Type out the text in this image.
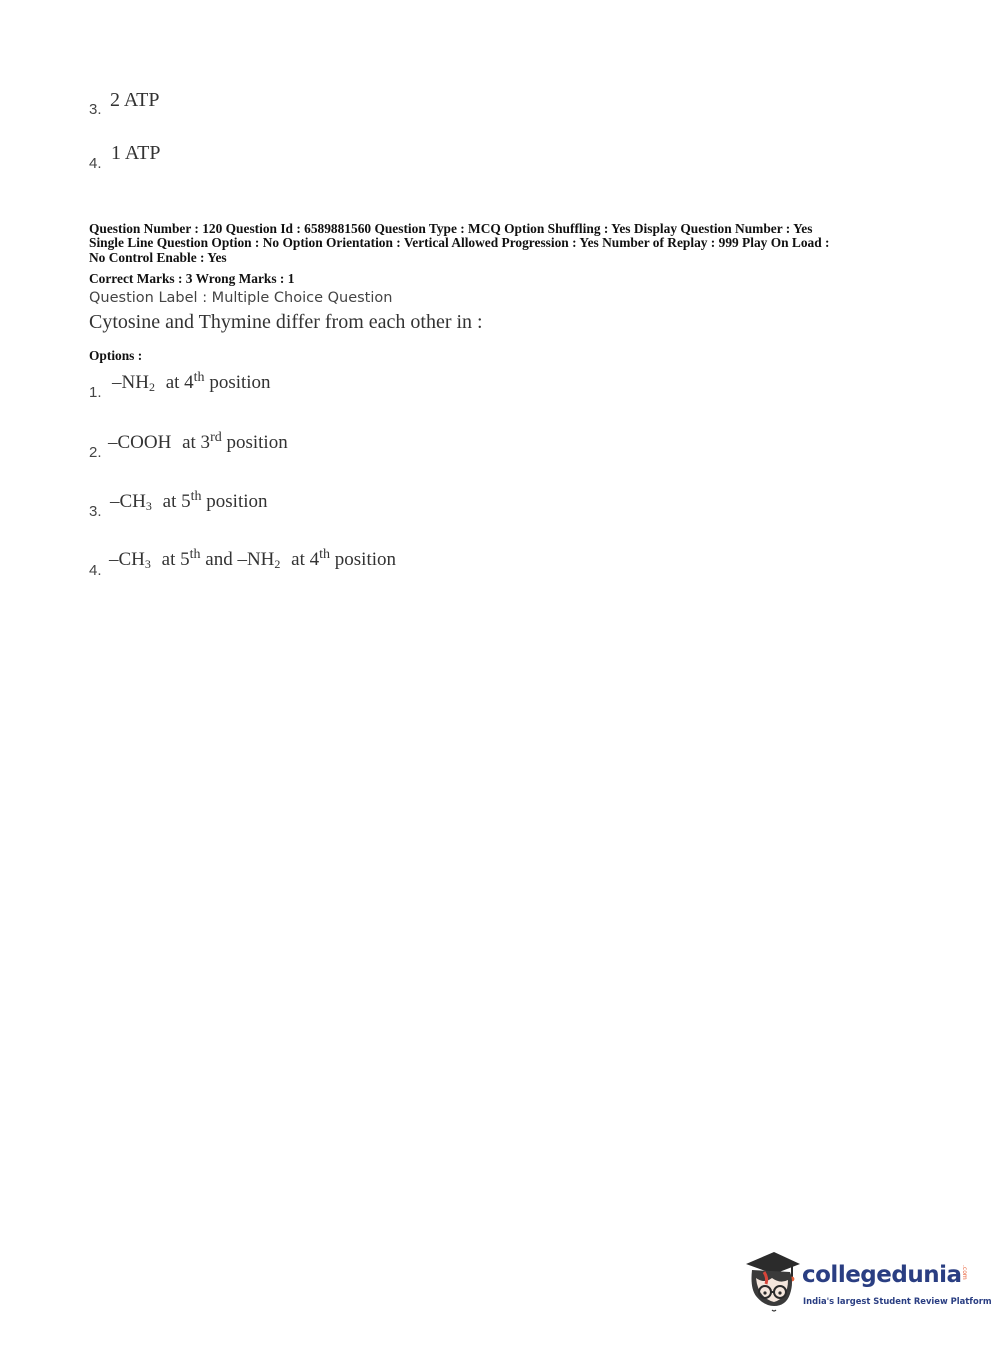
3. 2 ATP
4. 1 ATP
Question Number : 120 Question Id : 6589881560 Question Type : MCQ Option Shuffling : Yes Display Question Number : Yes
Single Line Question Option : No Option Orientation : Vertical Allowed Progression : Yes Number of Replay : 999 Play On Load :
No Control Enable : Yes
Correct Marks : 3 Wrong Marks : 1
Question Label : Multiple Choice Question
Cytosine and Thymine differ from each other in :
Options :
1. $-NH_2$ at 4th position
2. –COOH at 3rd position
3. $-CH_3$ at 5th position
4.
$-CH_3$ at 5th and $-NH_2$ at 4th position
collegedunia .com
India's largest Student Review Platform
